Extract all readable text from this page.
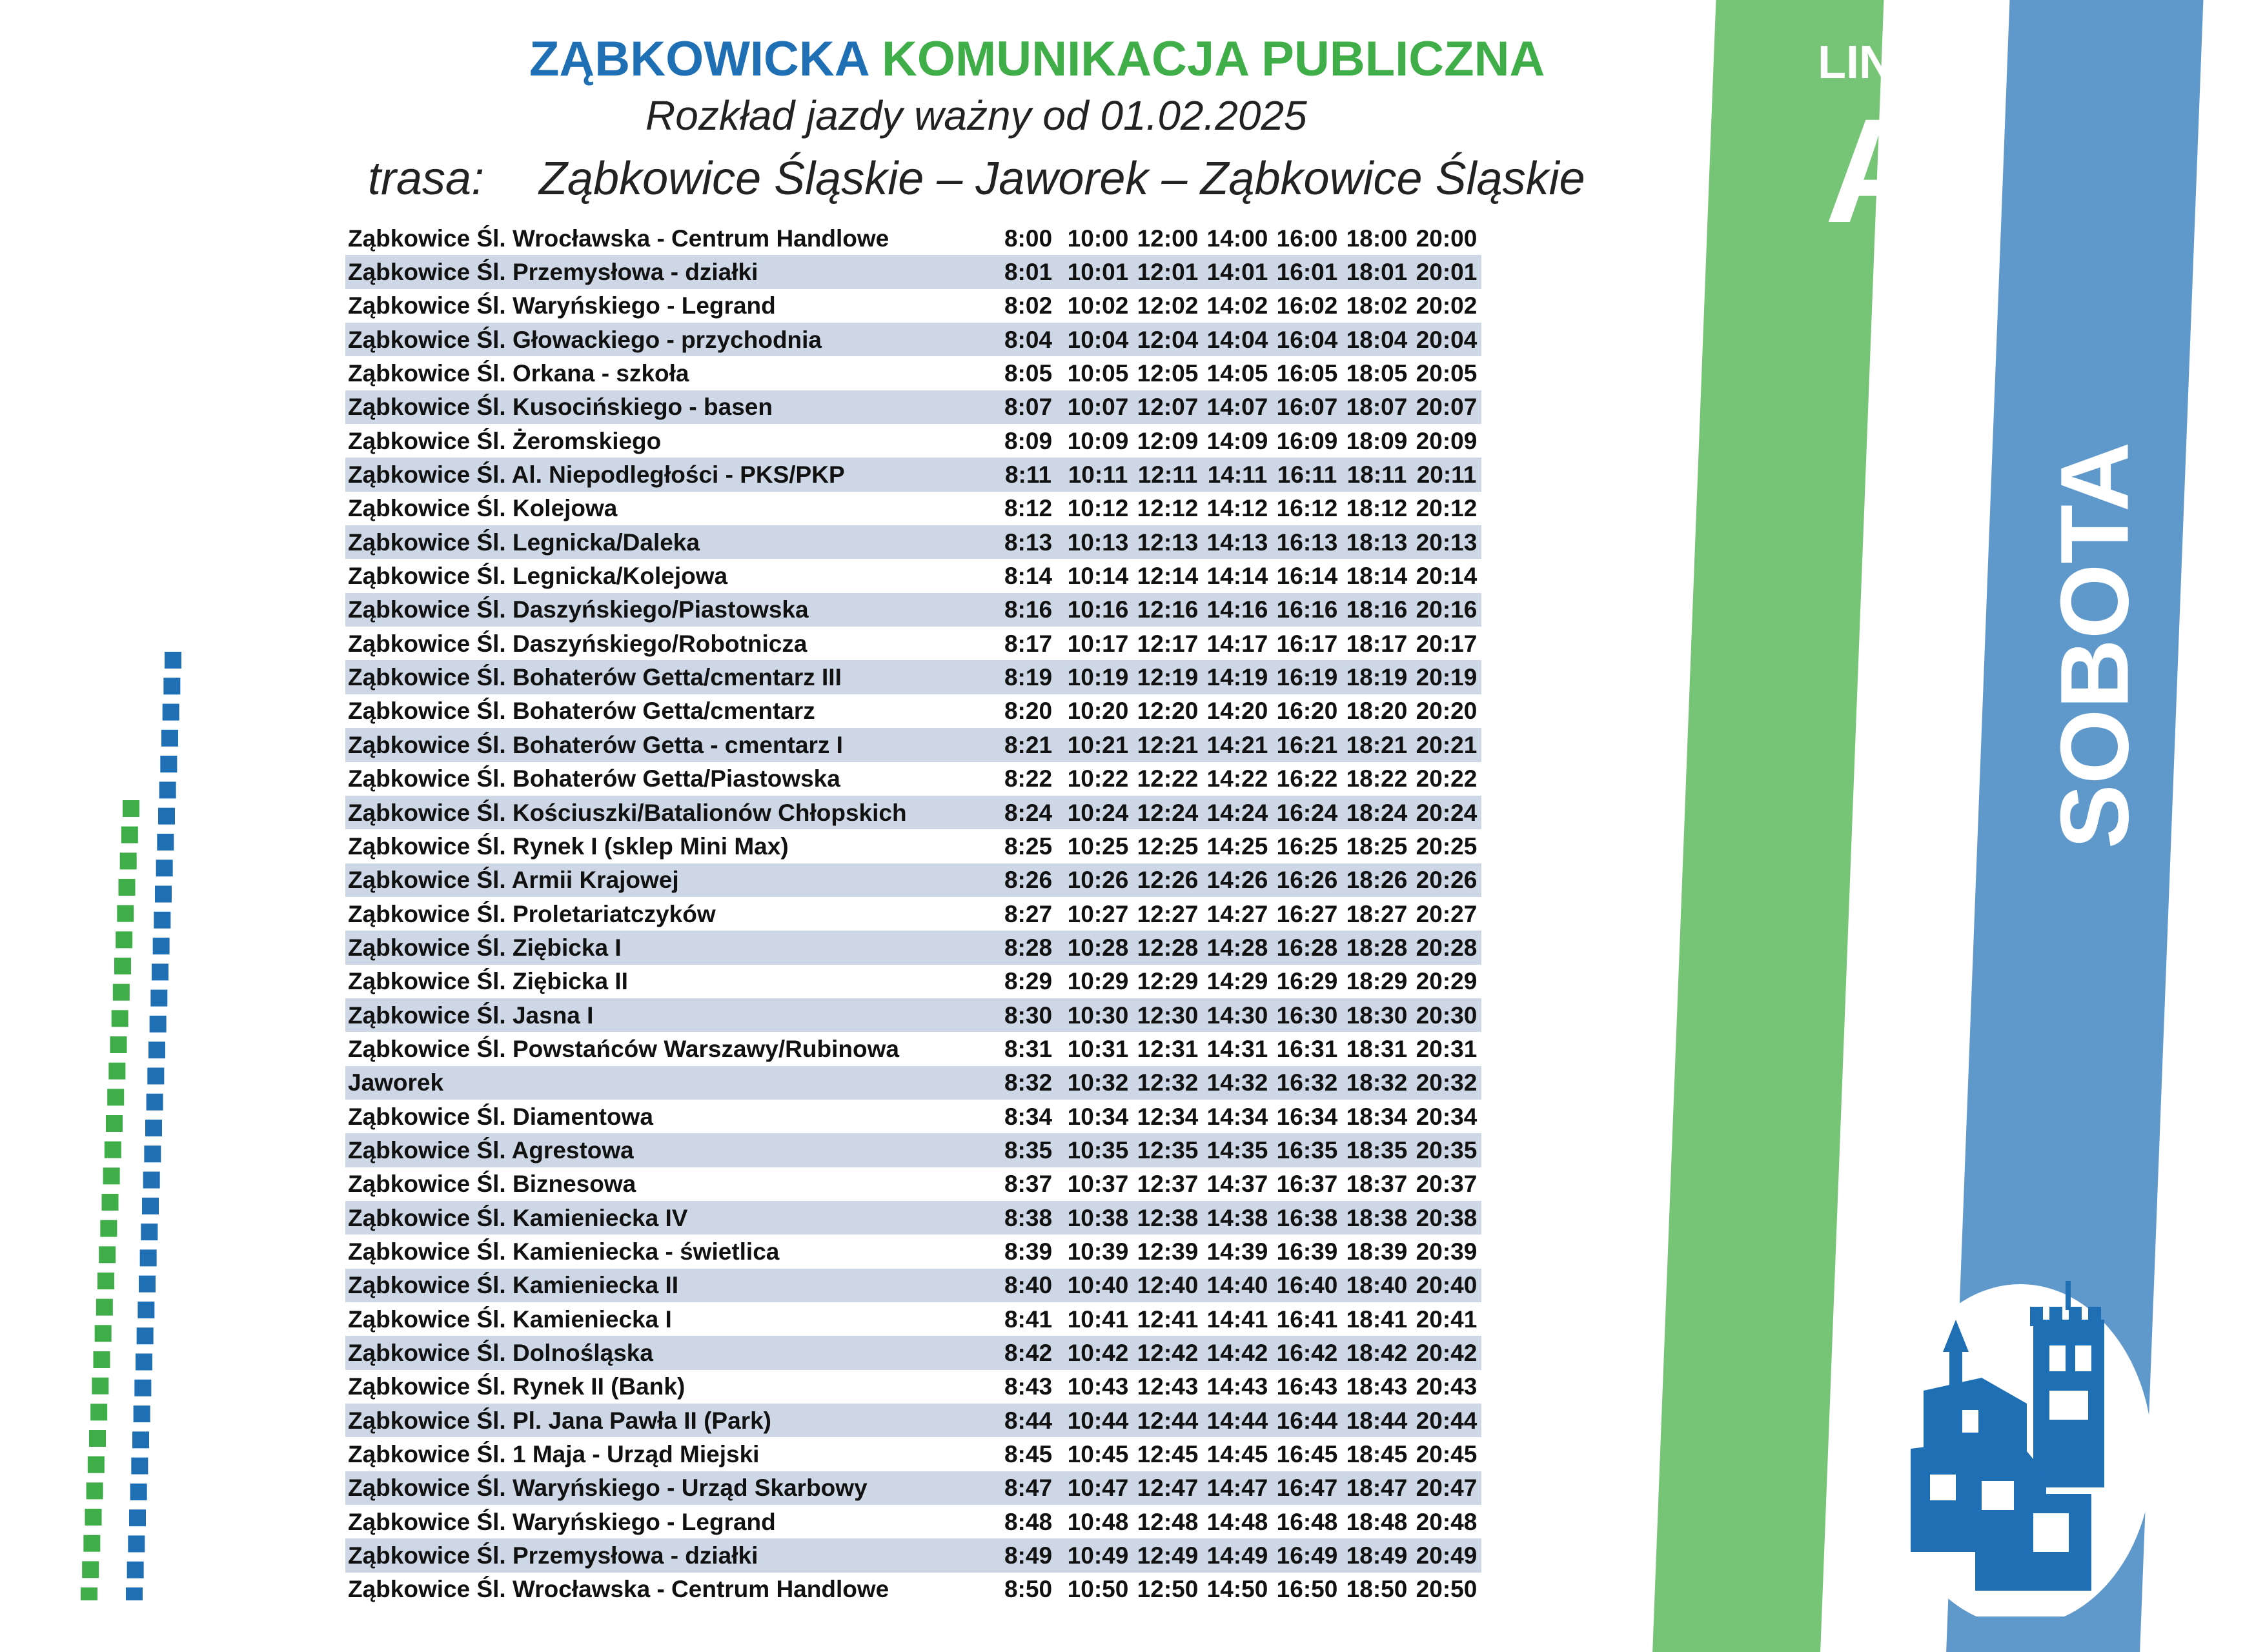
LINIA
A
SOBOTA
ZĄBKOWICKA KOMUNIKACJA PUBLICZNA
Rozkład jazdy ważny od 01.02.2025
trasa: Ząbkowice Śląskie – Jaworek – Ząbkowice Śląskie
Ząbkowice Śl. Wrocławska - Centrum Handlowe	8:00	10:00	12:00	14:00	16:00	18:00	20:00
Ząbkowice Śl. Przemysłowa - działki	8:01	10:01	12:01	14:01	16:01	18:01	20:01
Ząbkowice Śl. Waryńskiego - Legrand	8:02	10:02	12:02	14:02	16:02	18:02	20:02
Ząbkowice Śl. Głowackiego - przychodnia	8:04	10:04	12:04	14:04	16:04	18:04	20:04
Ząbkowice Śl. Orkana - szkoła	8:05	10:05	12:05	14:05	16:05	18:05	20:05
Ząbkowice Śl. Kusocińskiego - basen	8:07	10:07	12:07	14:07	16:07	18:07	20:07
Ząbkowice Śl. Żeromskiego	8:09	10:09	12:09	14:09	16:09	18:09	20:09
Ząbkowice Śl. Al. Niepodległości - PKS/PKP	8:11	10:11	12:11	14:11	16:11	18:11	20:11
Ząbkowice Śl. Kolejowa	8:12	10:12	12:12	14:12	16:12	18:12	20:12
Ząbkowice Śl. Legnicka/Daleka	8:13	10:13	12:13	14:13	16:13	18:13	20:13
Ząbkowice Śl. Legnicka/Kolejowa	8:14	10:14	12:14	14:14	16:14	18:14	20:14
Ząbkowice Śl. Daszyńskiego/Piastowska	8:16	10:16	12:16	14:16	16:16	18:16	20:16
Ząbkowice Śl. Daszyńskiego/Robotnicza	8:17	10:17	12:17	14:17	16:17	18:17	20:17
Ząbkowice Śl. Bohaterów Getta/cmentarz III	8:19	10:19	12:19	14:19	16:19	18:19	20:19
Ząbkowice Śl. Bohaterów Getta/cmentarz	8:20	10:20	12:20	14:20	16:20	18:20	20:20
Ząbkowice Śl. Bohaterów Getta - cmentarz I	8:21	10:21	12:21	14:21	16:21	18:21	20:21
Ząbkowice Śl. Bohaterów Getta/Piastowska	8:22	10:22	12:22	14:22	16:22	18:22	20:22
Ząbkowice Śl. Kościuszki/Batalionów Chłopskich	8:24	10:24	12:24	14:24	16:24	18:24	20:24
Ząbkowice Śl. Rynek I (sklep Mini Max)	8:25	10:25	12:25	14:25	16:25	18:25	20:25
Ząbkowice Śl. Armii Krajowej	8:26	10:26	12:26	14:26	16:26	18:26	20:26
Ząbkowice Śl. Proletariatczyków	8:27	10:27	12:27	14:27	16:27	18:27	20:27
Ząbkowice Śl. Ziębicka I	8:28	10:28	12:28	14:28	16:28	18:28	20:28
Ząbkowice Śl. Ziębicka II	8:29	10:29	12:29	14:29	16:29	18:29	20:29
Ząbkowice Śl. Jasna I	8:30	10:30	12:30	14:30	16:30	18:30	20:30
Ząbkowice Śl. Powstańców Warszawy/Rubinowa	8:31	10:31	12:31	14:31	16:31	18:31	20:31
Jaworek	8:32	10:32	12:32	14:32	16:32	18:32	20:32
Ząbkowice Śl. Diamentowa	8:34	10:34	12:34	14:34	16:34	18:34	20:34
Ząbkowice Śl. Agrestowa	8:35	10:35	12:35	14:35	16:35	18:35	20:35
Ząbkowice Śl. Biznesowa	8:37	10:37	12:37	14:37	16:37	18:37	20:37
Ząbkowice Śl. Kamieniecka IV	8:38	10:38	12:38	14:38	16:38	18:38	20:38
Ząbkowice Śl. Kamieniecka - świetlica	8:39	10:39	12:39	14:39	16:39	18:39	20:39
Ząbkowice Śl. Kamieniecka II	8:40	10:40	12:40	14:40	16:40	18:40	20:40
Ząbkowice Śl. Kamieniecka I	8:41	10:41	12:41	14:41	16:41	18:41	20:41
Ząbkowice Śl. Dolnośląska	8:42	10:42	12:42	14:42	16:42	18:42	20:42
Ząbkowice Śl. Rynek II (Bank)	8:43	10:43	12:43	14:43	16:43	18:43	20:43
Ząbkowice Śl. Pl. Jana Pawła II (Park)	8:44	10:44	12:44	14:44	16:44	18:44	20:44
Ząbkowice Śl. 1 Maja - Urząd Miejski	8:45	10:45	12:45	14:45	16:45	18:45	20:45
Ząbkowice Śl. Waryńskiego - Urząd Skarbowy	8:47	10:47	12:47	14:47	16:47	18:47	20:47
Ząbkowice Śl. Waryńskiego - Legrand	8:48	10:48	12:48	14:48	16:48	18:48	20:48
Ząbkowice Śl. Przemysłowa - działki	8:49	10:49	12:49	14:49	16:49	18:49	20:49
Ząbkowice Śl. Wrocławska - Centrum Handlowe	8:50	10:50	12:50	14:50	16:50	18:50	20:50
